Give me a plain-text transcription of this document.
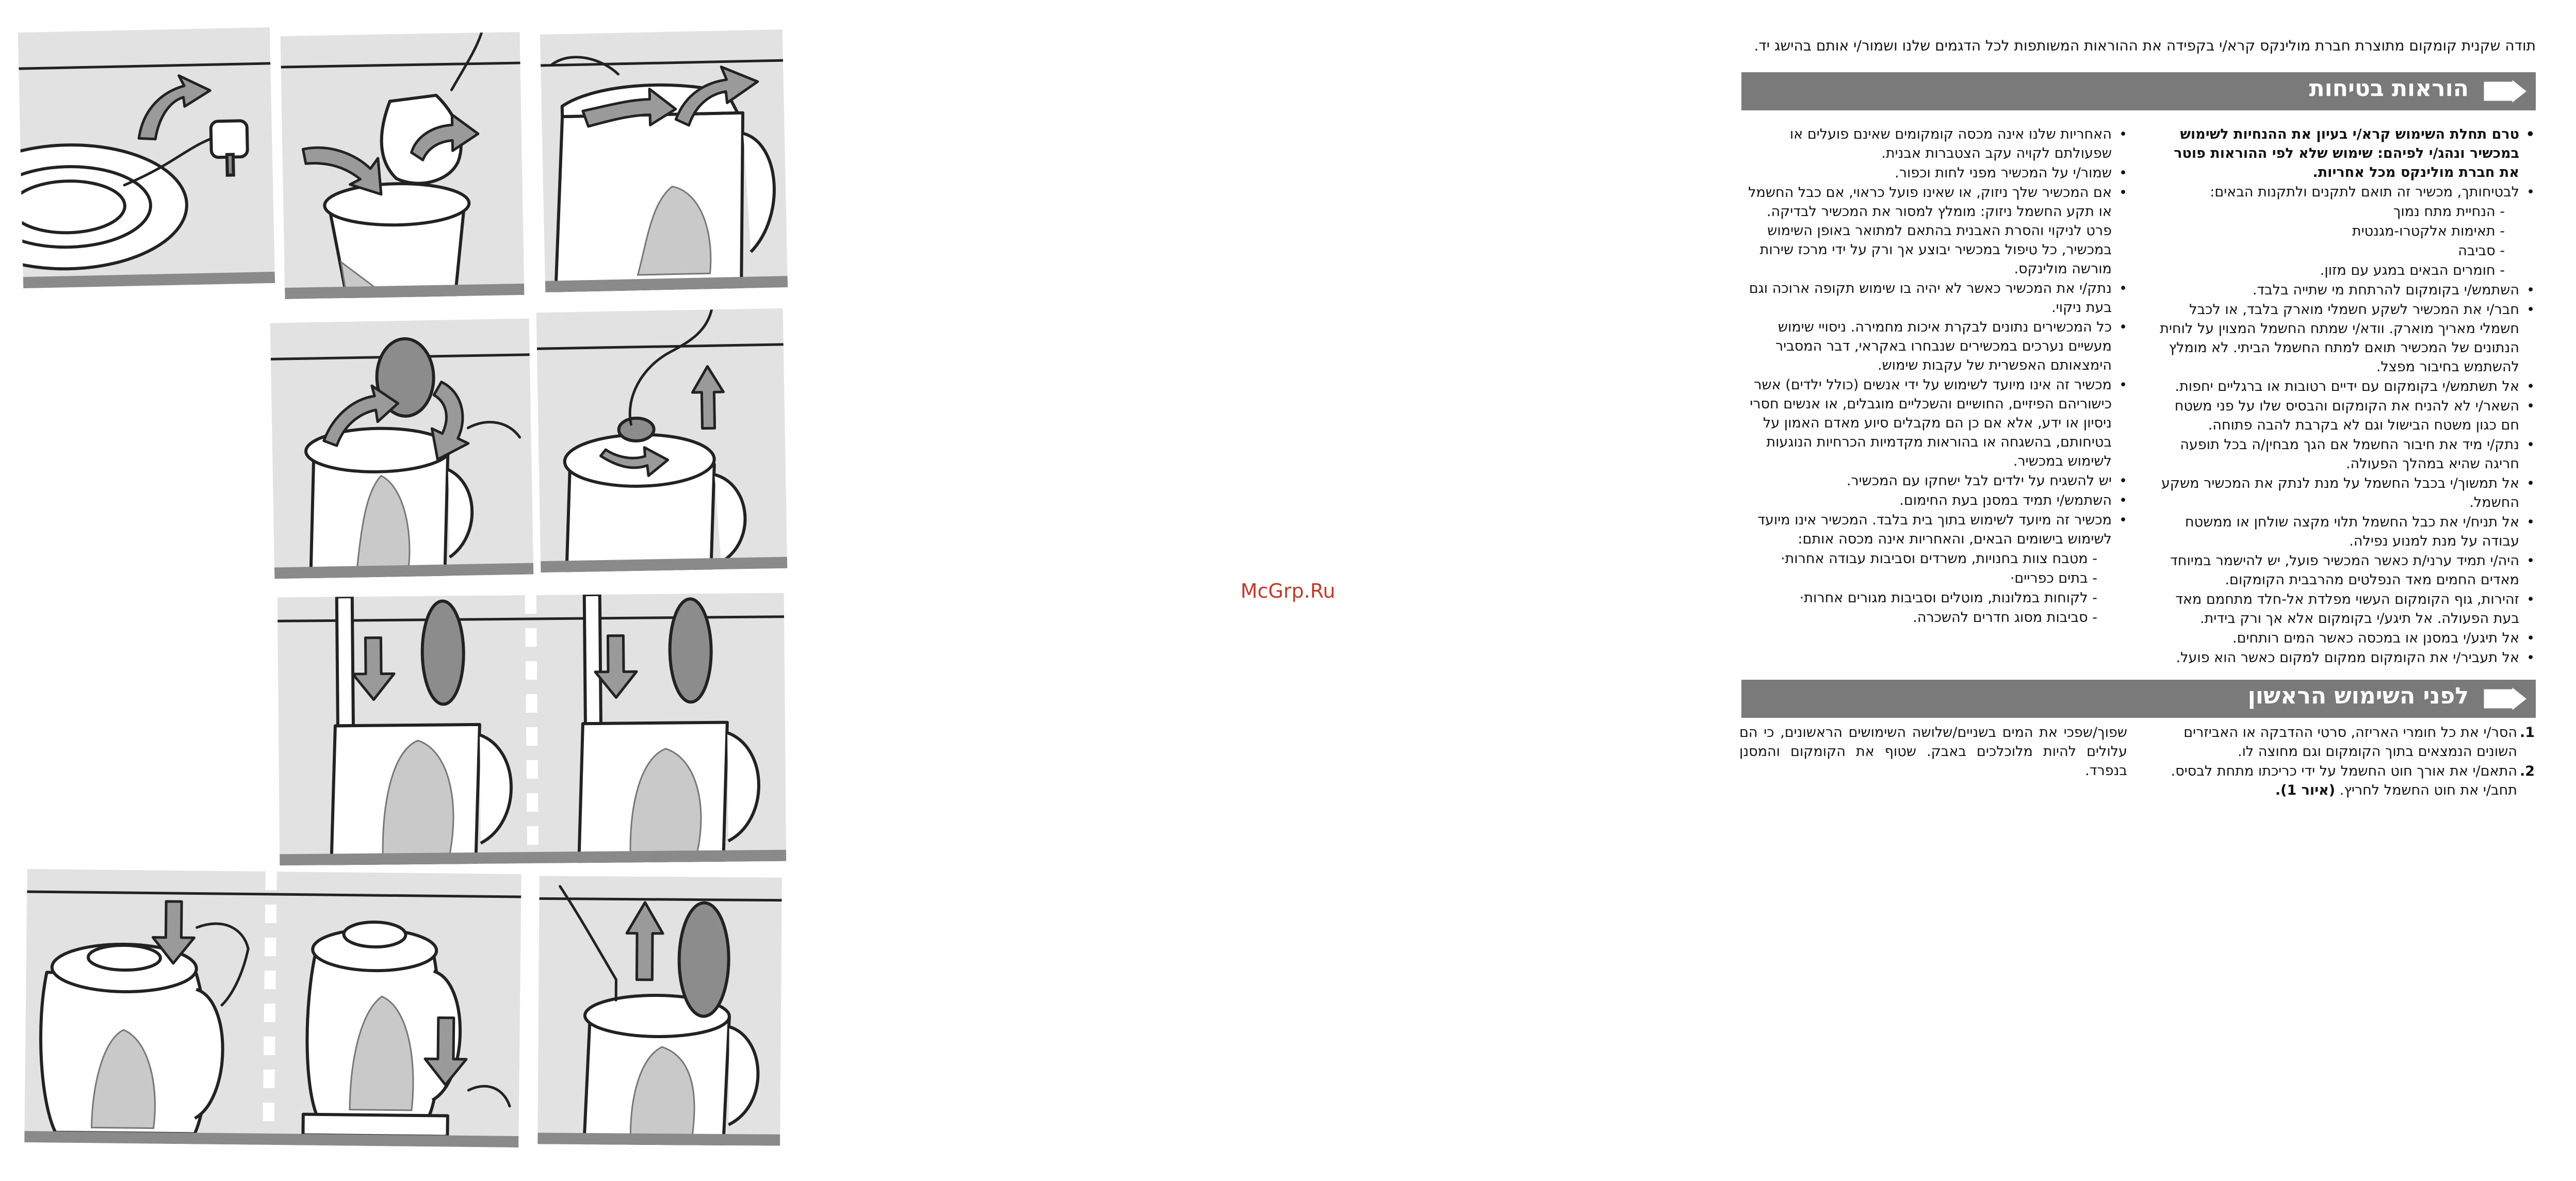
McGrp.Ru
תודה שקנית קומקום מתוצרת חברת מולינקס קרא/י בקפידה את ההוראות המשותפות לכל הדגמים שלנו ושמור/י אותם בהישג יד.
הוראות בטיחות

• טרם תחלת השימוש קרא/י בעיון את ההנחיות לשימוש במכשיר ונהג/י לפיהם: שימוש שלא לפי ההוראות פוטר את חברת מולינקס מכל אחריות.

• לבטיחותך, מכשיר זה תואם לתקנים ולתקנות הבאים:

- הנחיית מתח נמוך

- תאימות אלקטרו-מגנטית

- סביבה

- חומרים הבאים במגע עם מזון.

• השתמש/י בקומקום להרתחת מי שתייה בלבד.

• חבר/י את המכשיר לשקע חשמלי מוארק בלבד, או לכבל חשמלי מאריך מוארק. וודא/י שמתח החשמל המצוין על לוחית הנתונים של המכשיר תואם למתח החשמל הביתי. לא מומלץ להשתמש בחיבור מפצל.

• אל תשתמש/י בקומקום עם ידיים רטובות או ברגליים יחפות.

• השאר/י לא להניח את הקומקום והבסיס שלו על פני משטח חם כגון משטח הבישול וגם לא בקרבת להבה פתוחה.

• נתק/י מיד את חיבור החשמל אם הגך מבחין/ה בכל תופעה חריגה שהיא במהלך הפעולה.

• אל תמשוך/י בכבל החשמל על מנת לנתק את המכשיר משקע החשמל.

• אל תניח/י את כבל החשמל תלוי מקצה שולחן או ממשטח עבודה על מנת למנוע נפילה.

• היה/י תמיד ערני/ת כאשר המכשיר פועל, יש להישמר במיוחד מאדים החמים מאד הנפלטים מהרבבית הקומקום.

• זהירות, גוף הקומקום העשוי מפלדת אל-חלד מתחמם מאד בעת הפעולה. אל תיגע/י בקומקום אלא אך ורק בידית.

• אל תיגע/י במסנן או במכסה כאשר המים רותחים.

• אל תעביר/י את הקומקום ממקום למקום כאשר הוא פועל.

• האחריות שלנו אינה מכסה קומקומים שאינם פועלים או שפעולתם לקויה עקב הצטברות אבנית.

• שמור/י על המכשיר מפני לחות וכפור.

• אם המכשיר שלך ניזוק, או שאינו פועל כראוי, אם כבל החשמל או תקע החשמל ניזוק: מומלץ למסור את המכשיר לבדיקה. פרט לניקוי והסרת האבנית בהתאם למתואר באופן השימוש במכשיר, כל טיפול במכשיר יבוצע אך ורק על ידי מרכז שירות מורשה מולינקס.

• נתק/י את המכשיר כאשר לא יהיה בו שימוש תקופה ארוכה וגם בעת ניקוי.

• כל המכשירים נתונים לבקרת איכות מחמירה. ניסויי שימוש מעשיים נערכים במכשירים שנבחרו באקראי, דבר המסביר הימצאותם האפשרית של עקבות שימוש.

• מכשיר זה אינו מיועד לשימוש על ידי אנשים (כולל ילדים) אשר כישוריהם הפיזיים, החושיים והשכליים מוגבלים, או אנשים חסרי ניסיון או ידע, אלא אם כן הם מקבלים סיוע מאדם האמון על בטיחותם, בהשגחה או בהוראות מקדמיות הכרחיות הנוגעות לשימוש במכשיר.

• יש להשגיח על ילדים לבל ישחקו עם המכשיר.

• השתמש/י תמיד במסנן בעת החימום.

• מכשיר זה מיועד לשימוש בתוך בית בלבד. המכשיר אינו מיועד לשימוש בישומים הבאים, והאחריות אינה מכסה אותם:

- מטבח צוות בחנויות, משרדים וסביבות עבודה אחרות·

- בתים כפריים·

- לקוחות במלונות, מוטלים וסביבות מגורים אחרות·

- סביבות מסוג חדרים להשכרה.

לפני השימוש הראשון

1.
הסר/י את כל חומרי האריזה, סרטי ההדבקה או האביזרים השונים הנמצאים בתוך הקומקום וגם מחוצה לו.

2.
התאם/י את אורך חוט החשמל על ידי כריכתו מתחת לבסיס. תחב/י את חוט החשמל לחריץ. (איור 1).

שפוך/שפכי את המים בשניים/שלושה השימושים הראשונים, כי הם עלולים להיות מלוכלכים באבק. שטוף את הקומקום והמסנן בנפרד.
